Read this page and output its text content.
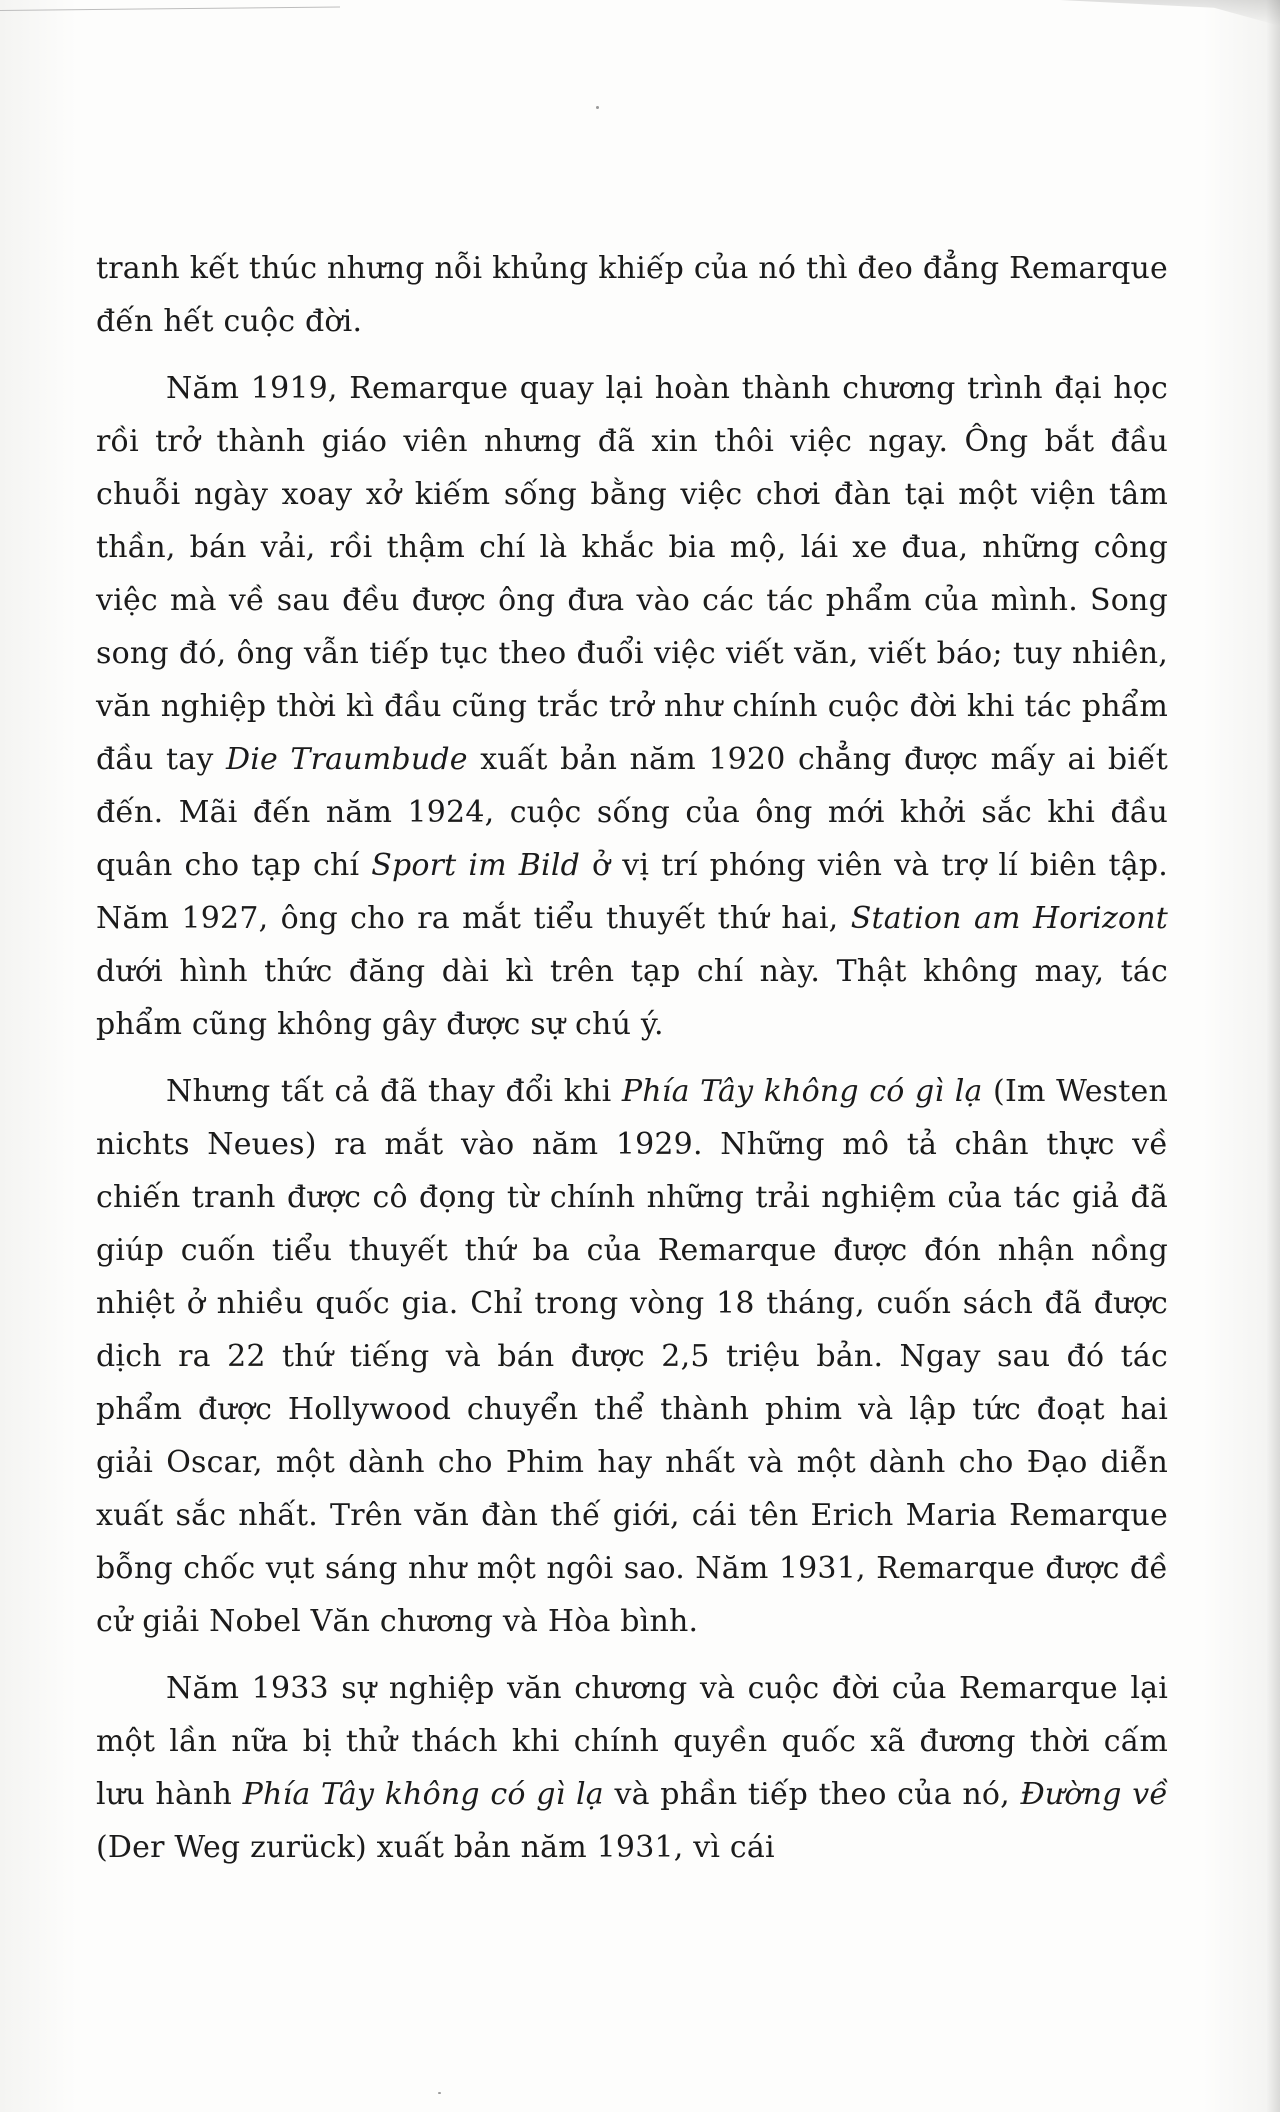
tranh kết thúc nhưng nỗi khủng khiếp của nó thì đeo đẳng Remarque đến hết cuộc đời.

Năm 1919, Remarque quay lại hoàn thành chương trình đại học rồi trở thành giáo viên nhưng đã xin thôi việc ngay. Ông bắt đầu chuỗi ngày xoay xở kiếm sống bằng việc chơi đàn tại một viện tâm thần, bán vải, rồi thậm chí là khắc bia mộ, lái xe đua, những công việc mà về sau đều được ông đưa vào các tác phẩm của mình. Song song đó, ông vẫn tiếp tục theo đuổi việc viết văn, viết báo; tuy nhiên, văn nghiệp thời kì đầu cũng trắc trở như chính cuộc đời khi tác phẩm đầu tay Die Traumbude xuất bản năm 1920 chẳng được mấy ai biết đến. Mãi đến năm 1924, cuộc sống của ông mới khởi sắc khi đầu quân cho tạp chí Sport im Bild ở vị trí phóng viên và trợ lí biên tập. Năm 1927, ông cho ra mắt tiểu thuyết thứ hai, Station am Horizont dưới hình thức đăng dài kì trên tạp chí này. Thật không may, tác phẩm cũng không gây được sự chú ý.

Nhưng tất cả đã thay đổi khi Phía Tây không có gì lạ (Im Westen nichts Neues) ra mắt vào năm 1929. Những mô tả chân thực về chiến tranh được cô đọng từ chính những trải nghiệm của tác giả đã giúp cuốn tiểu thuyết thứ ba của Remarque được đón nhận nồng nhiệt ở nhiều quốc gia. Chỉ trong vòng 18 tháng, cuốn sách đã được dịch ra 22 thứ tiếng và bán được 2,5 triệu bản. Ngay sau đó tác phẩm được Hollywood chuyển thể thành phim và lập tức đoạt hai giải Oscar, một dành cho Phim hay nhất và một dành cho Đạo diễn xuất sắc nhất. Trên văn đàn thế giới, cái tên Erich Maria Remarque bỗng chốc vụt sáng như một ngôi sao. Năm 1931, Remarque được đề cử giải Nobel Văn chương và Hòa bình.

Năm 1933 sự nghiệp văn chương và cuộc đời của Remarque lại một lần nữa bị thử thách khi chính quyền quốc xã đương thời cấm lưu hành Phía Tây không có gì lạ và phần tiếp theo của nó, Đường về (Der Weg zurück) xuất bản năm 1931, vì cái
